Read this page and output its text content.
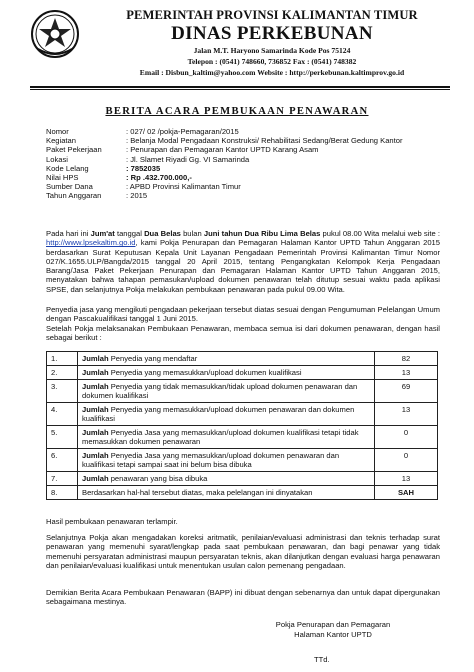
PEMERINTAH PROVINSI KALIMANTAN TIMUR
DINAS PERKEBUNAN
Jalan M.T. Haryono Samarinda Kode Pos 75124
Telepon : (0541) 748660, 736852 Fax : (0541) 748382
Email : Disbun_kaltim@yahoo.com Website : http://perkebunan.kaltimprov.go.id
BERITA ACARA PEMBUKAAN PENAWARAN
Nomor	: 027/ 02 /pokja-Pemagaran/2015
Kegiatan	: Belanja Modal Pengadaan Konstruksi/ Rehabilitasi Sedang/Berat Gedung Kantor
Paket Pekerjaan	: Penurapan dan Pemagaran Kantor UPTD Karang Asam
Lokasi	: Jl. Slamet Riyadi Gg. VI Samarinda
Kode Lelang	: 7852035
Nilai HPS	: Rp .432.700.000,-
Sumber Dana	: APBD Provinsi Kalimantan Timur
Tahun Anggaran	: 2015
Pada hari ini Jum'at tanggal Dua Belas bulan Juni tahun Dua Ribu Lima Belas pukul 08.00 Wita melalui web site : http://www.lpsekaltim.go.id, kami Pokja Penurapan dan Pemagaran Halaman Kantor UPTD Tahun Anggaran 2015 berdasarkan Surat Keputusan Kepala Unit Layanan Pengadaan Pemerintah Provinsi Kalimantan Timur Nomor 027/K.1655.ULP/Bangda/2015 tanggal 20 April 2015, tentang Pengangkatan Kelompok Kerja Pengadaan Barang/Jasa Paket Pekerjaan Penurapan dan Pemagaran Halaman Kantor UPTD Tahun Anggaran 2015, menyatakan bahwa tahapan pemasukan/upload dokumen penawaran telah ditutup sesuai waktu pada aplikasi SPSE, dan selanjutnya Pokja melakukan pembukaan penawaran pada pukul 09.00 Wita.
Penyedia jasa yang mengikuti pengadaan pekerjaan tersebut diatas sesuai dengan Pengumuman Pelelangan Umum dengan Pascakualifikasi tanggal 1 Juni 2015.
Setelah Pokja melaksanakan Pembukaan Penawaran, membaca semua isi dari dokumen penawaran, dengan hasil sebagai berikut :
1.	Jumlah Penyedia yang mendaftar	82
2.	Jumlah Penyedia yang memasukkan/upload dokumen kualifikasi	13
3.	Jumlah Penyedia yang tidak memasukkan/tidak upload dokumen penawaran dan dokumen kualifikasi	69
4.	Jumlah Penyedia yang memasukkan/upload dokumen penawaran dan dokumen kualifikasi	13
5.	Jumlah Penyedia Jasa yang memasukkan/upload dokumen kualifikasi tetapi tidak memasukkan dokumen penawaran	0
6.	Jumlah Penyedia Jasa yang memasukkan/upload dokumen penawaran dan kualifikasi tetapi sampai saat ini belum bisa dibuka	0
7.	Jumlah penawaran yang bisa dibuka	13
8.	Berdasarkan hal-hal tersebut diatas, maka pelelangan ini dinyatakan	SAH
Hasil pembukaan penawaran terlampir.
Selanjutnya Pokja akan mengadakan koreksi aritmatik, penilaian/evaluasi administrasi dan teknis terhadap surat penawaran yang memenuhi syarat/lengkap pada saat pembukaan penawaran, dan bagi penawar yang tidak memenuhi persyaratan administrasi maupun persyaratan teknis, akan dilanjutkan dengan evaluasi harga penawaran dan penilaian/evaluasi kualifikasi untuk menentukan usulan calon pemenang pengadaan.
Demikian Berita Acara Pembukaan Penawaran (BAPP) ini dibuat dengan sebenarnya dan untuk dapat dipergunakan sebagaimana mestinya.
Pokja Penurapan dan Pemagaran
Halaman Kantor UPTD
TTd.
